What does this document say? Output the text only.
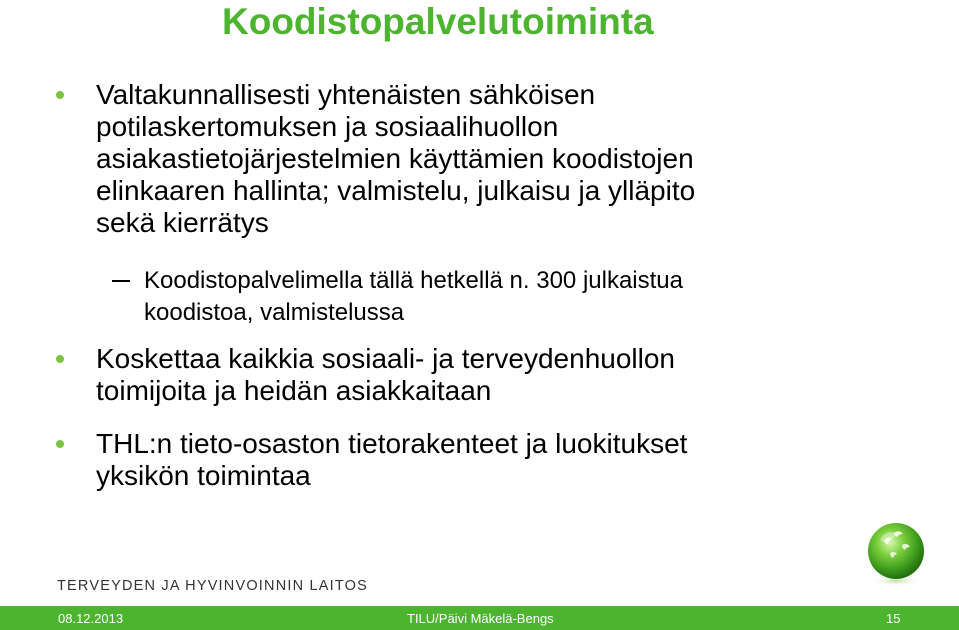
Koodistopalvelutoiminta
Valtakunnallisesti yhtenäisten sähköisen
potilaskertomuksen ja sosiaalihuollon
asiakastietojärjestelmien käyttämien koodistojen
elinkaaren hallinta; valmistelu, julkaisu ja ylläpito
sekä kierrätys
Koodistopalvelimella tällä hetkellä n. 300 julkaistua
koodistoa, valmistelussa
Koskettaa kaikkia sosiaali- ja terveydenhuollon
toimijoita ja heidän asiakkaitaan
THL:n tieto-osaston tietorakenteet ja luokitukset
yksikön toimintaa
TERVEYDEN JA HYVINVOINNIN LAITOS
08.12.2013	TILU/Päivi Mäkelä-Bengs	15
